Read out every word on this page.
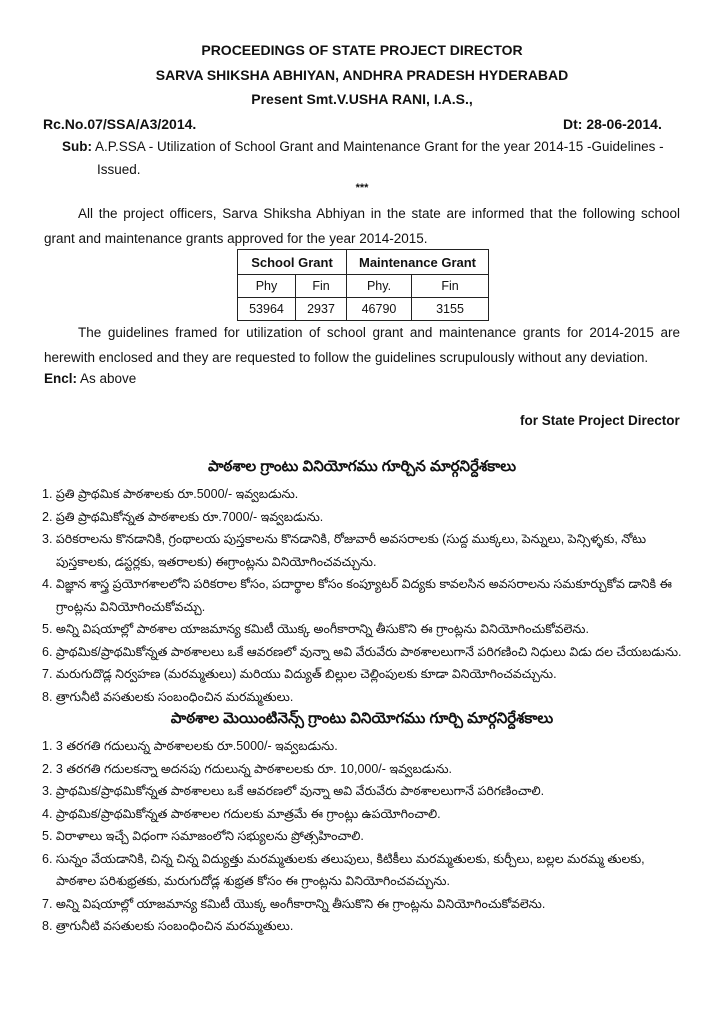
PROCEEDINGS OF STATE PROJECT DIRECTOR
SARVA SHIKSHA ABHIYAN, ANDHRA PRADESH HYDERABAD
Present Smt.V.USHA RANI, I.A.S.,
Rc.No.07/SSA/A3/2014.	Dt: 28-06-2014.
Sub: A.P.SSA - Utilization of School Grant and Maintenance Grant for the year 2014-15 -Guidelines -
Issued.
***
All the project officers, Sarva Shiksha Abhiyan in the state are informed that the following school grant and maintenance grants approved for the year 2014-2015.
School Grant		Maintenance Grant	
Phy	Fin	Phy.	Fin
53964	2937	46790	3155
The guidelines framed for utilization of school grant and maintenance grants for 2014-2015 are herewith enclosed and they are requested to follow the guidelines scrupulously without any deviation.
Encl: As above
for State Project Director
పాఠశాల గ్రాంటు వినియోగము గూర్చిన మార్గనిర్దేశకాలు
1. ప్రతి ప్రాథమిక పాఠశాలకు రూ.5000/- ఇవ్వబడును.
2. ప్రతి ప్రాథమికోన్నత పాఠశాలకు రూ.7000/- ఇవ్వబడును.
3. పరికరాలను కొనడానికి, గ్రంథాలయ పుస్తకాలను కొనడానికి, రోజువారీ అవసరాలకు (సుద్ద ముక్కలు, పెన్నులు, పెన్సిళ్ళకు, నోటు పుస్తకాలకు, డస్టర్లకు, ఇతరాలకు) ఈగ్రాంట్లను వినియోగించవచ్చును.
4. విజ్ఞాన శాస్త్ర ప్రయోగశాలలోని పరికరాల కోసం, పదార్థాల కోసం కంప్యూటర్ విద్యకు కావలసిన అవసరాలను సమకూర్చుకోవ డానికి ఈ గ్రాంట్లను వినియోగించుకోవచ్చు.
5. అన్ని విషయాల్లో పాఠశాల యాజమాన్య కమిటీ యొక్క అంగీకారాన్ని తీసుకొని ఈ గ్రాంట్లను వినియోగించుకోవలెను.
6. ప్రాథమిక/ప్రాథమికోన్నత పాఠశాలలు ఒకే ఆవరణలో వున్నా అవి వేరువేరు పాఠశాలలుగానే పరిగణించి నిధులు విడు దల చేయబడును.
7. మరుగుదొడ్ల నిర్వహణ (మరమ్మతులు) మరియు విద్యుత్ బిల్లుల చెల్లింపులకు కూడా వినియోగించవచ్చును.
8. త్రాగునీటి వసతులకు సంబంధించిన మరమ్మతులు.
పాఠశాల మెయింటినెన్స్ గ్రాంటు వినియోగము గూర్చి మార్గనిర్దేశకాలు
1. 3 తరగతి గదులున్న పాఠశాలలకు రూ.5000/- ఇవ్వబడును.
2. 3 తరగతి గదులకన్నా అదనపు గదులున్న పాఠశాలలకు రూ. 10,000/- ఇవ్వబడును.
3. ప్రాథమిక/ప్రాథమికోన్నత పాఠశాలలు ఒకే ఆవరణలో వున్నా అవి వేరువేరు పాఠశాలలుగానే పరిగణించాలి.
4. ప్రాథమిక/ప్రాథమికోన్నత పాఠశాలల గదులకు మాత్రమే ఈ గ్రాంట్లు ఉపయోగించాలి.
5. విరాళాలు ఇచ్చే విధంగా సమాజంలోని సభ్యులను ప్రోత్సహించాలి.
6. సున్నం వేయడానికి, చిన్న చిన్న విద్యుత్తు మరమ్మతులకు తలుపులు, కిటికీలు మరమ్మతులకు, కుర్చీలు, బల్లల మరమ్మ తులకు, పాఠశాల పరిశుభ్రతకు, మరుగుదోడ్ల శుభ్రత కోసం ఈ గ్రాంట్లను వినియోగించవచ్చును.
7. అన్ని విషయాల్లో యాజమాన్య కమిటీ యొక్క అంగీకారాన్ని తీసుకొని ఈ గ్రాంట్లను వినియోగించుకోవలెను.
8. త్రాగునీటి వసతులకు సంబంధించిన మరమ్మతులు.
